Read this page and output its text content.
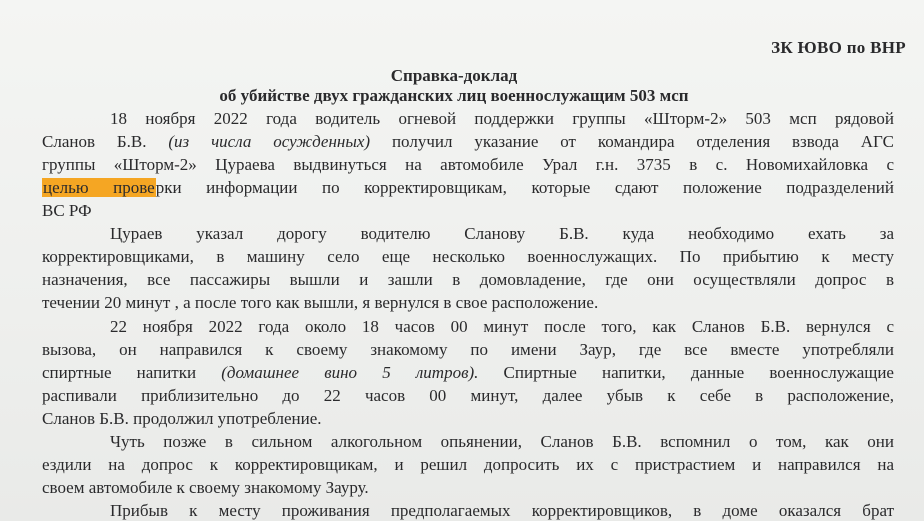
ЗК ЮВО по ВНР
Справка-доклад
об убийстве двух гражданских лиц военнослужащим 503 мсп
18 ноября 2022 года водитель огневой поддержки группы «Шторм-2» 503 мсп рядовой
Сланов Б.В. (из числа осужденных) получил указание от командира отделения взвода АГС
группы «Шторм-2» Цураева выдвинуться на автомобиле Урал г.н. 3735 в с. Новомихайловка с
целью проверки информации по корректировщикам, которые сдают положение подразделений
ВС РФ
Цураев указал дорогу водителю Сланову Б.В. куда необходимо ехать за
корректировщиками, в машину село еще несколько военнослужащих. По прибытию к месту
назначения, все пассажиры вышли и зашли в домовладение, где они осуществляли допрос в
течении 20 минут , а после того как вышли, я вернулся в свое расположение.
22 ноября 2022 года около 18 часов 00 минут после того, как Сланов Б.В. вернулся с
вызова, он направился к своему знакомому по имени Заур, где все вместе употребляли
спиртные напитки (домашнее вино 5 литров). Спиртные напитки, данные военнослужащие
распивали приблизительно до 22 часов 00 минут, далее убыв к себе в расположение,
Сланов Б.В. продолжил употребление.
Чуть позже в сильном алкогольном опьянении, Сланов Б.В. вспомнил о том, как они
ездили на допрос к корректировщикам, и решил допросить их с пристрастием и направился на
своем автомобиле к своему знакомому Зауру.
Прибыв к месту проживания предполагаемых корректировщиков, в доме оказался брат
